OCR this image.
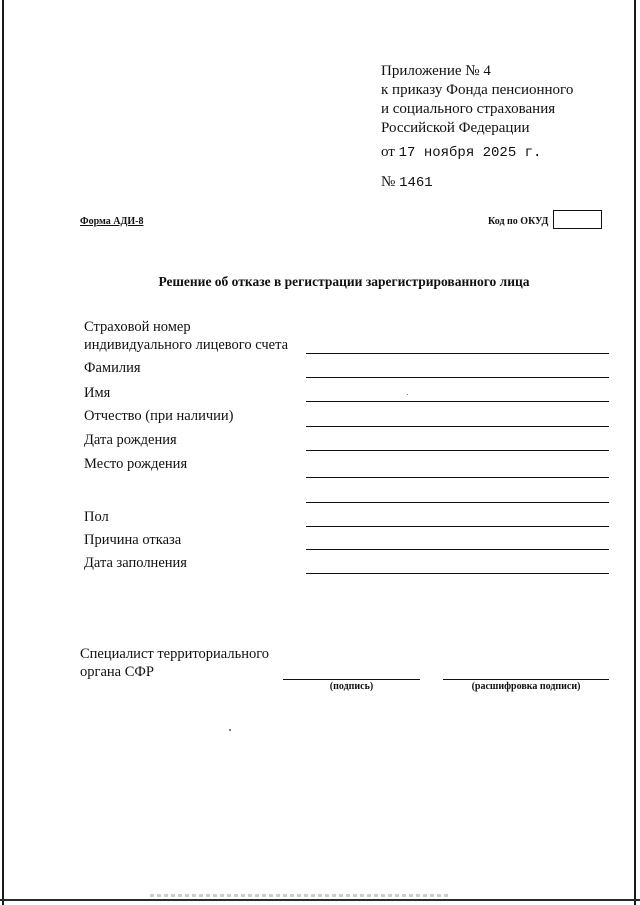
Приложение № 4
к приказу Фонда пенсионного
и социального страхования
Российской Федерации
от 17 ноября 2025 г.
№ 1461
Форма АДИ-8	Код по ОКУД
Решение об отказе в регистрации зарегистрированного лица
Страховой номер
индивидуального лицевого счета
Фамилия
Имя
Отчество (при наличии)
Дата рождения
Место рождения
Пол
Причина отказа
Дата заполнения
Специалист территориального
органа СФР
(подпись)	(расшифровка подписи)
